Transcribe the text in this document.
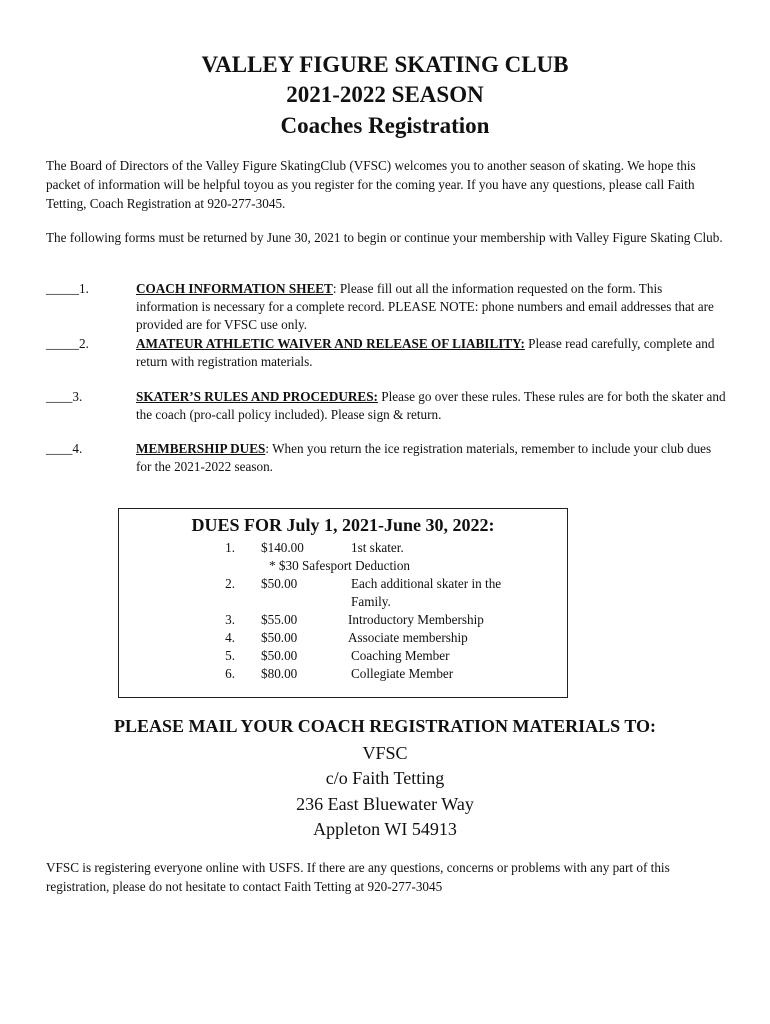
VALLEY FIGURE SKATING CLUB
2021-2022 SEASON
Coaches Registration

The Board of Directors of the Valley Figure SkatingClub (VFSC) welcomes you to another season of skating. We hope this packet of information will be helpful toyou as you register for the coming year. If you have any questions, please call Faith Tetting, Coach Registration at 920-277-3045.

The following forms must be returned by June 30, 2021 to begin or continue your membership with Valley Figure Skating Club.

_____1.	COACH INFORMATION SHEET: Please fill out all the information requested on the form. This information is necessary for a complete record. PLEASE NOTE: phone numbers and email addresses that are provided are for VFSC use only.
_____2.	AMATEUR ATHLETIC WAIVER AND RELEASE OF LIABILITY: Please read carefully, complete and return with registration materials.
____3.	SKATER’S RULES AND PROCEDURES: Please go over these rules. These rules are for both the skater and the coach (pro-call policy included). Please sign & return.
____4.	MEMBERSHIP DUES: When you return the ice registration materials, remember to include your club dues for the 2021-2022 season.
DUES FOR July 1, 2021-June 30, 2022:
1. $140.00	1st skater.
* $30 Safesport Deduction
2. $50.00	Each additional skater in the
Family.
3. $55.00	Introductory Membership
4. $50.00	Associate membership
5. $50.00	Coaching Member
6. $80.00	Collegiate Member
PLEASE MAIL YOUR COACH REGISTRATION MATERIALS TO:
VFSC
c/o Faith Tetting
236 East Bluewater Way
Appleton WI 54913

VFSC is registering everyone online with USFS. If there are any questions, concerns or problems with any part of this registration, please do not hesitate to contact Faith Tetting at 920-277-3045
